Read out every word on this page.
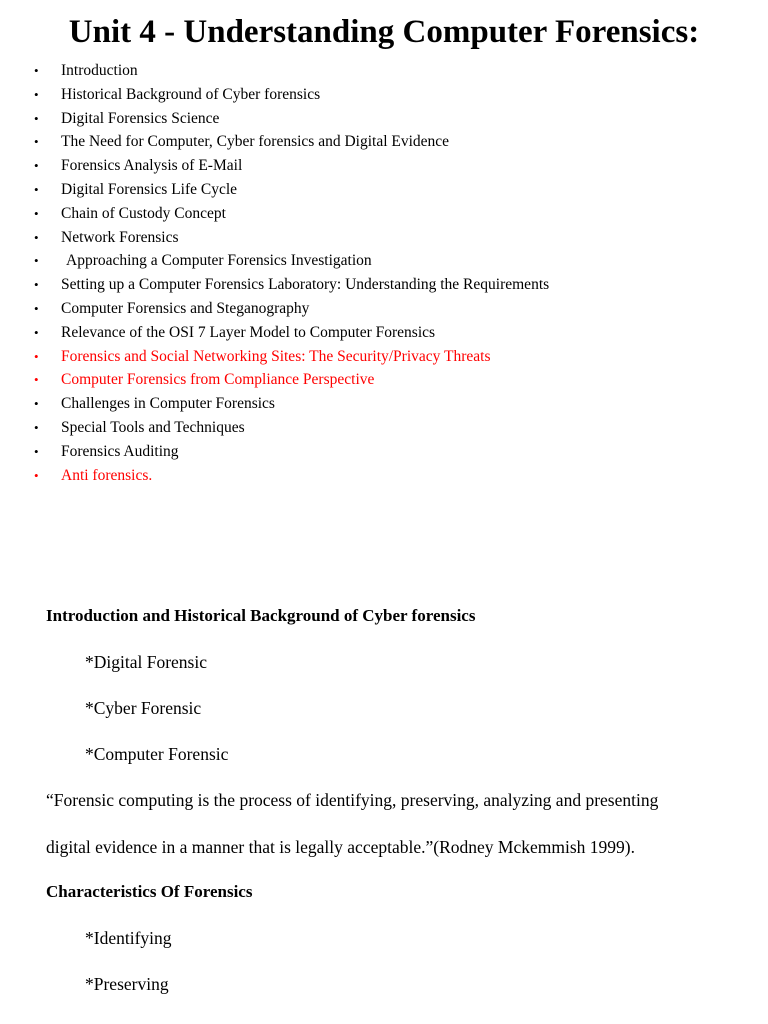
Unit 4 - Understanding Computer Forensics:
• Introduction
• Historical Background of Cyber forensics
• Digital Forensics Science
• The Need for Computer, Cyber forensics and Digital Evidence
• Forensics Analysis of E-Mail
• Digital Forensics Life Cycle
• Chain of Custody Concept
• Network Forensics
• Approaching a Computer Forensics Investigation
• Setting up a Computer Forensics Laboratory: Understanding the Requirements
• Computer Forensics and Steganography
• Relevance of the OSI 7 Layer Model to Computer Forensics
• Forensics and Social Networking Sites: The Security/Privacy Threats
• Computer Forensics from Compliance Perspective
• Challenges in Computer Forensics
• Special Tools and Techniques
• Forensics Auditing
• Anti forensics.
Introduction and Historical Background of Cyber forensics
*Digital Forensic
*Cyber Forensic
*Computer Forensic
“Forensic computing is the process of identifying, preserving, analyzing and presenting
digital evidence in a manner that is legally acceptable.”(Rodney Mckemmish 1999).
Characteristics Of Forensics
*Identifying
*Preserving
